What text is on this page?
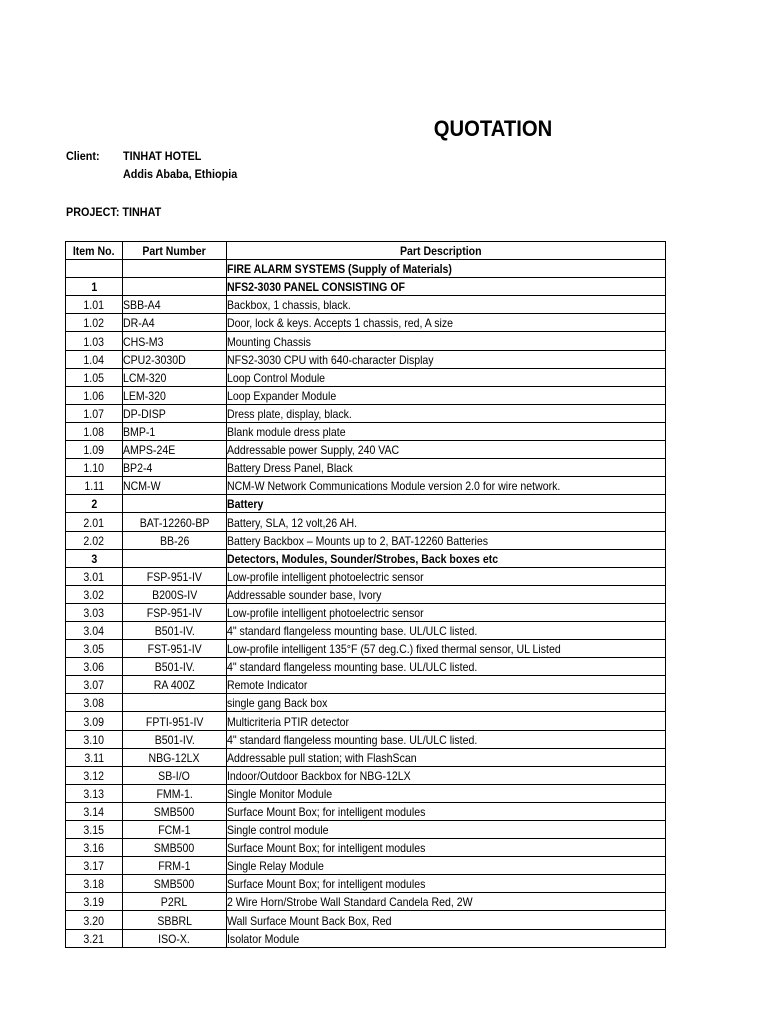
QUOTATION
Client: TINHAT HOTEL
Addis Ababa, Ethiopia
PROJECT: TINHAT
Item No.	Part Number	Part Description
		FIRE ALARM SYSTEMS (Supply of Materials)
1		NFS2-3030 PANEL CONSISTING OF
1.01	SBB-A4	Backbox, 1 chassis, black.
1.02	DR-A4	Door, lock & keys. Accepts 1 chassis, red, A size
1.03	CHS-M3	Mounting Chassis
1.04	CPU2-3030D	NFS2-3030 CPU with 640-character Display
1.05	LCM-320	Loop Control Module
1.06	LEM-320	Loop Expander Module
1.07	DP-DISP	Dress plate, display, black.
1.08	BMP-1	Blank module dress plate
1.09	AMPS-24E	Addressable power Supply, 240 VAC
1.10	BP2-4	Battery Dress Panel, Black
1.11	NCM-W	NCM-W Network Communications Module version 2.0 for wire network.
2		Battery
2.01	BAT-12260-BP	Battery, SLA, 12 volt,26 AH.
2.02	BB-26	Battery Backbox – Mounts up to 2, BAT-12260 Batteries
3		Detectors, Modules, Sounder/Strobes, Back boxes etc
3.01	FSP-951-IV	Low-profile intelligent photoelectric sensor
3.02	B200S-IV	Addressable sounder base, Ivory
3.03	FSP-951-IV	Low-profile intelligent photoelectric sensor
3.04	B501-IV.	4" standard flangeless mounting base. UL/ULC listed.
3.05	FST-951-IV	Low-profile intelligent 135°F (57 deg.C.) fixed thermal sensor, UL Listed
3.06	B501-IV.	4" standard flangeless mounting base. UL/ULC listed.
3.07	RA 400Z	Remote Indicator
3.08		single gang Back box
3.09	FPTI-951-IV	Multicriteria PTIR detector
3.10	B501-IV.	4" standard flangeless mounting base. UL/ULC listed.
3.11	NBG-12LX	Addressable pull station; with FlashScan
3.12	SB-I/O	Indoor/Outdoor Backbox for NBG-12LX
3.13	FMM-1.	Single Monitor Module
3.14	SMB500	Surface Mount Box; for intelligent modules
3.15	FCM-1	Single control module
3.16	SMB500	Surface Mount Box; for intelligent modules
3.17	FRM-1	Single Relay Module
3.18	SMB500	Surface Mount Box; for intelligent modules
3.19	P2RL	2 Wire Horn/Strobe Wall Standard Candela Red, 2W
3.20	SBBRL	Wall Surface Mount Back Box, Red
3.21	ISO-X.	Isolator Module
